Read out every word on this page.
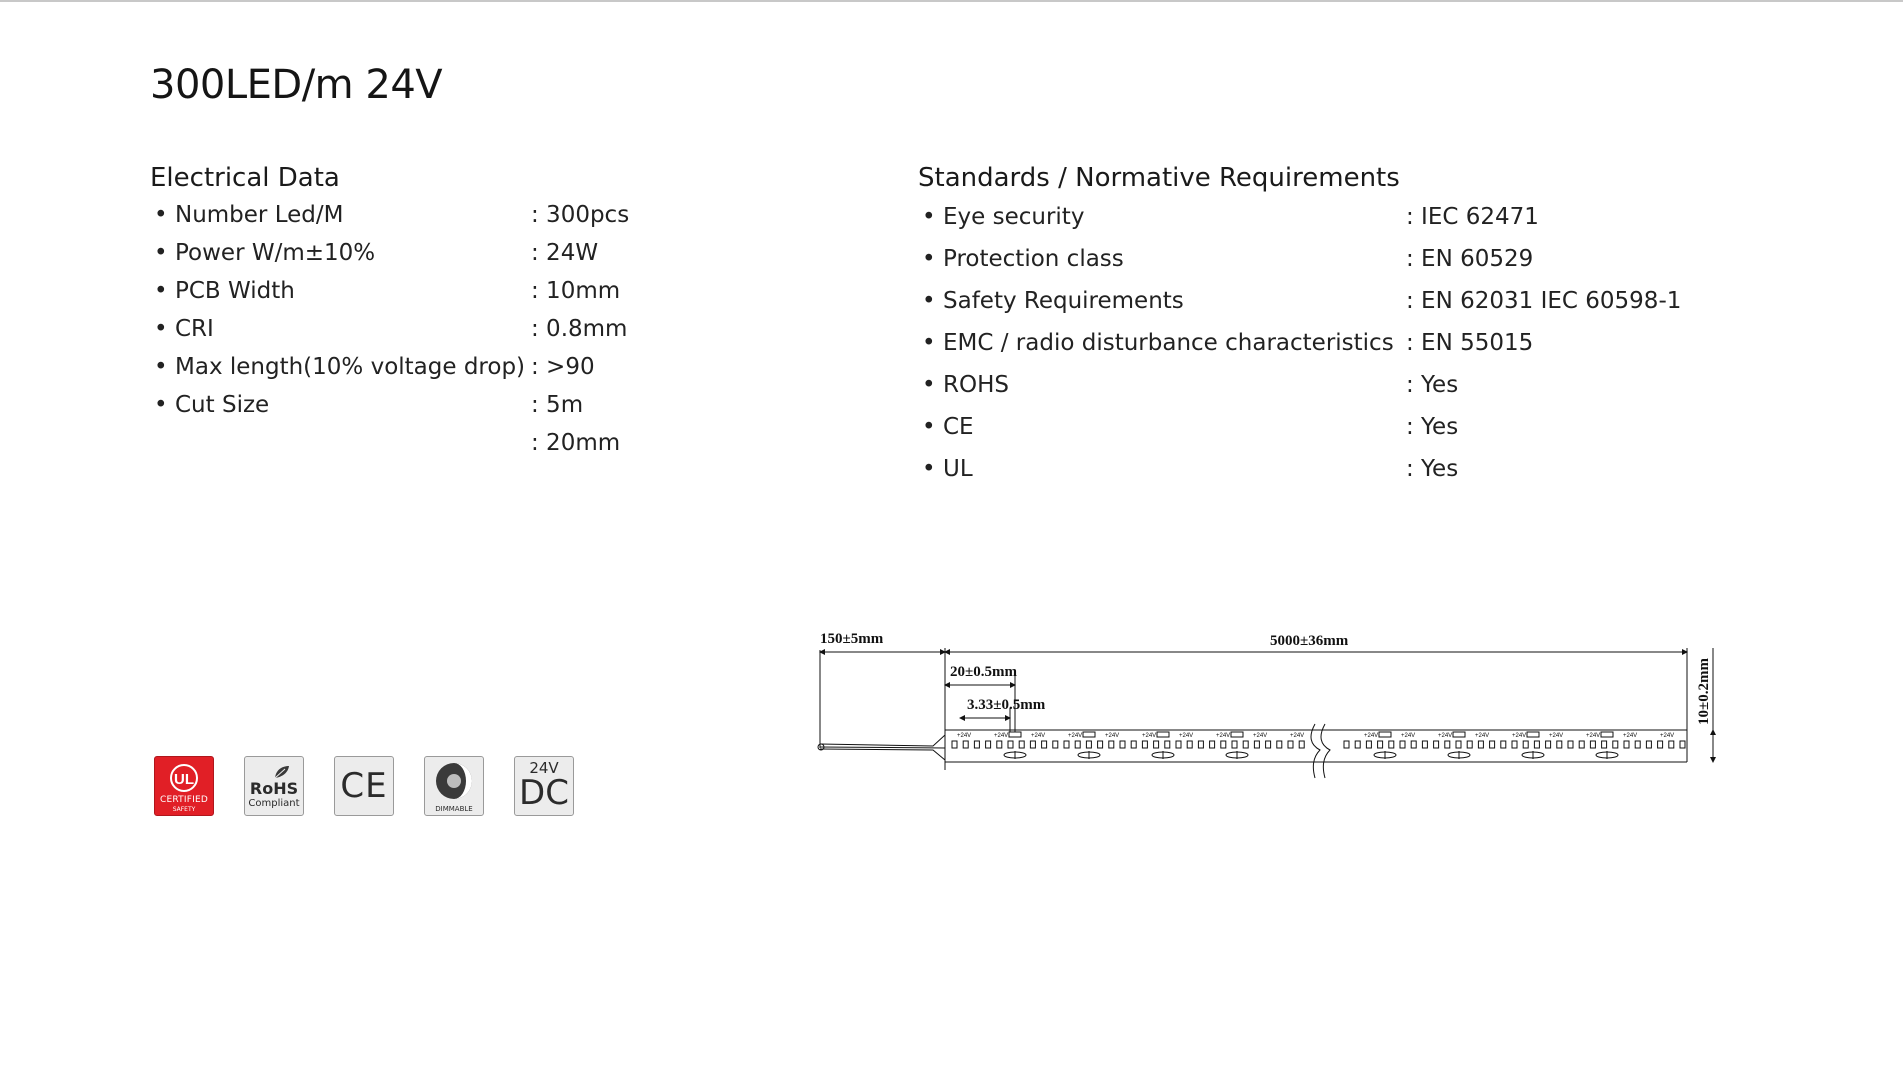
300LED/m 24V
Electrical Data
• Number Led/M	: 300pcs
• Power W/m±10%	: 24W
• PCB Width	: 10mm
• CRI	: 0.8mm
• Max length(10% voltage drop) : >90
• Cut Size	: 5m
: 20mm
Standards / Normative Requirements
• Eye security	: IEC 62471
• Protection class	: EN 60529
• Safety Requirements	: EN 62031 IEC 60598-1
• EMC / radio disturbance characteristics : EN 55015
• ROHS	: Yes
• CE	: Yes
• UL	: Yes
UL
CERTIFIED
SAFETY
RoHS
Compliant CE
DIMMABLE
24V
DC
+24V	+24V	+24V	+24V	+24V	+24V	+24V	+24V	+24V	+24V	+24V	+24V	+24V	+24V	+24V	+24V	+24V	+24V	+24V
150±5mm	5000±36mm
20±0.5mm
3.33±0.5mm	10±0.2mm
